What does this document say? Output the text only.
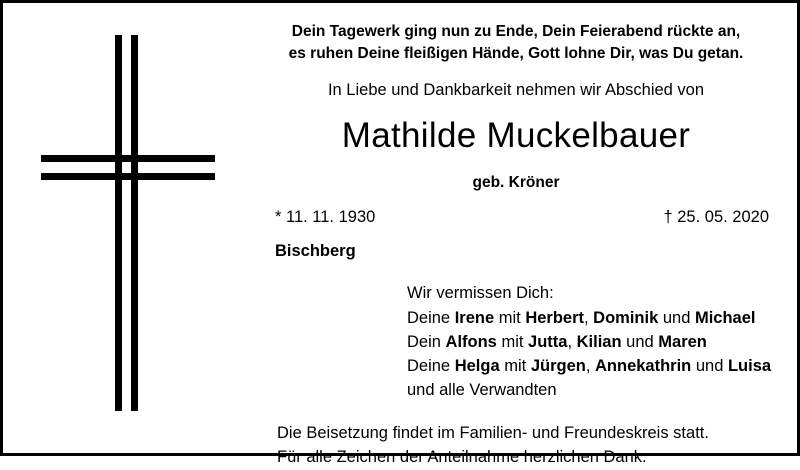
Dein Tagewerk ging nun zu Ende, Dein Feierabend rückte an,
es ruhen Deine fleißigen Hände, Gott lohne Dir, was Du getan.
In Liebe und Dankbarkeit nehmen wir Abschied von
Mathilde Muckelbauer
geb. Kröner
* 11. 11. 1930	† 25. 05. 2020
Bischberg
Wir vermissen Dich:
Deine Irene mit Herbert, Dominik und Michael
Dein Alfons mit Jutta, Kilian und Maren
Deine Helga mit Jürgen, Annekathrin und Luisa
und alle Verwandten
Die Beisetzung findet im Familien- und Freundeskreis statt.
Für alle Zeichen der Anteilnahme herzlichen Dank.
